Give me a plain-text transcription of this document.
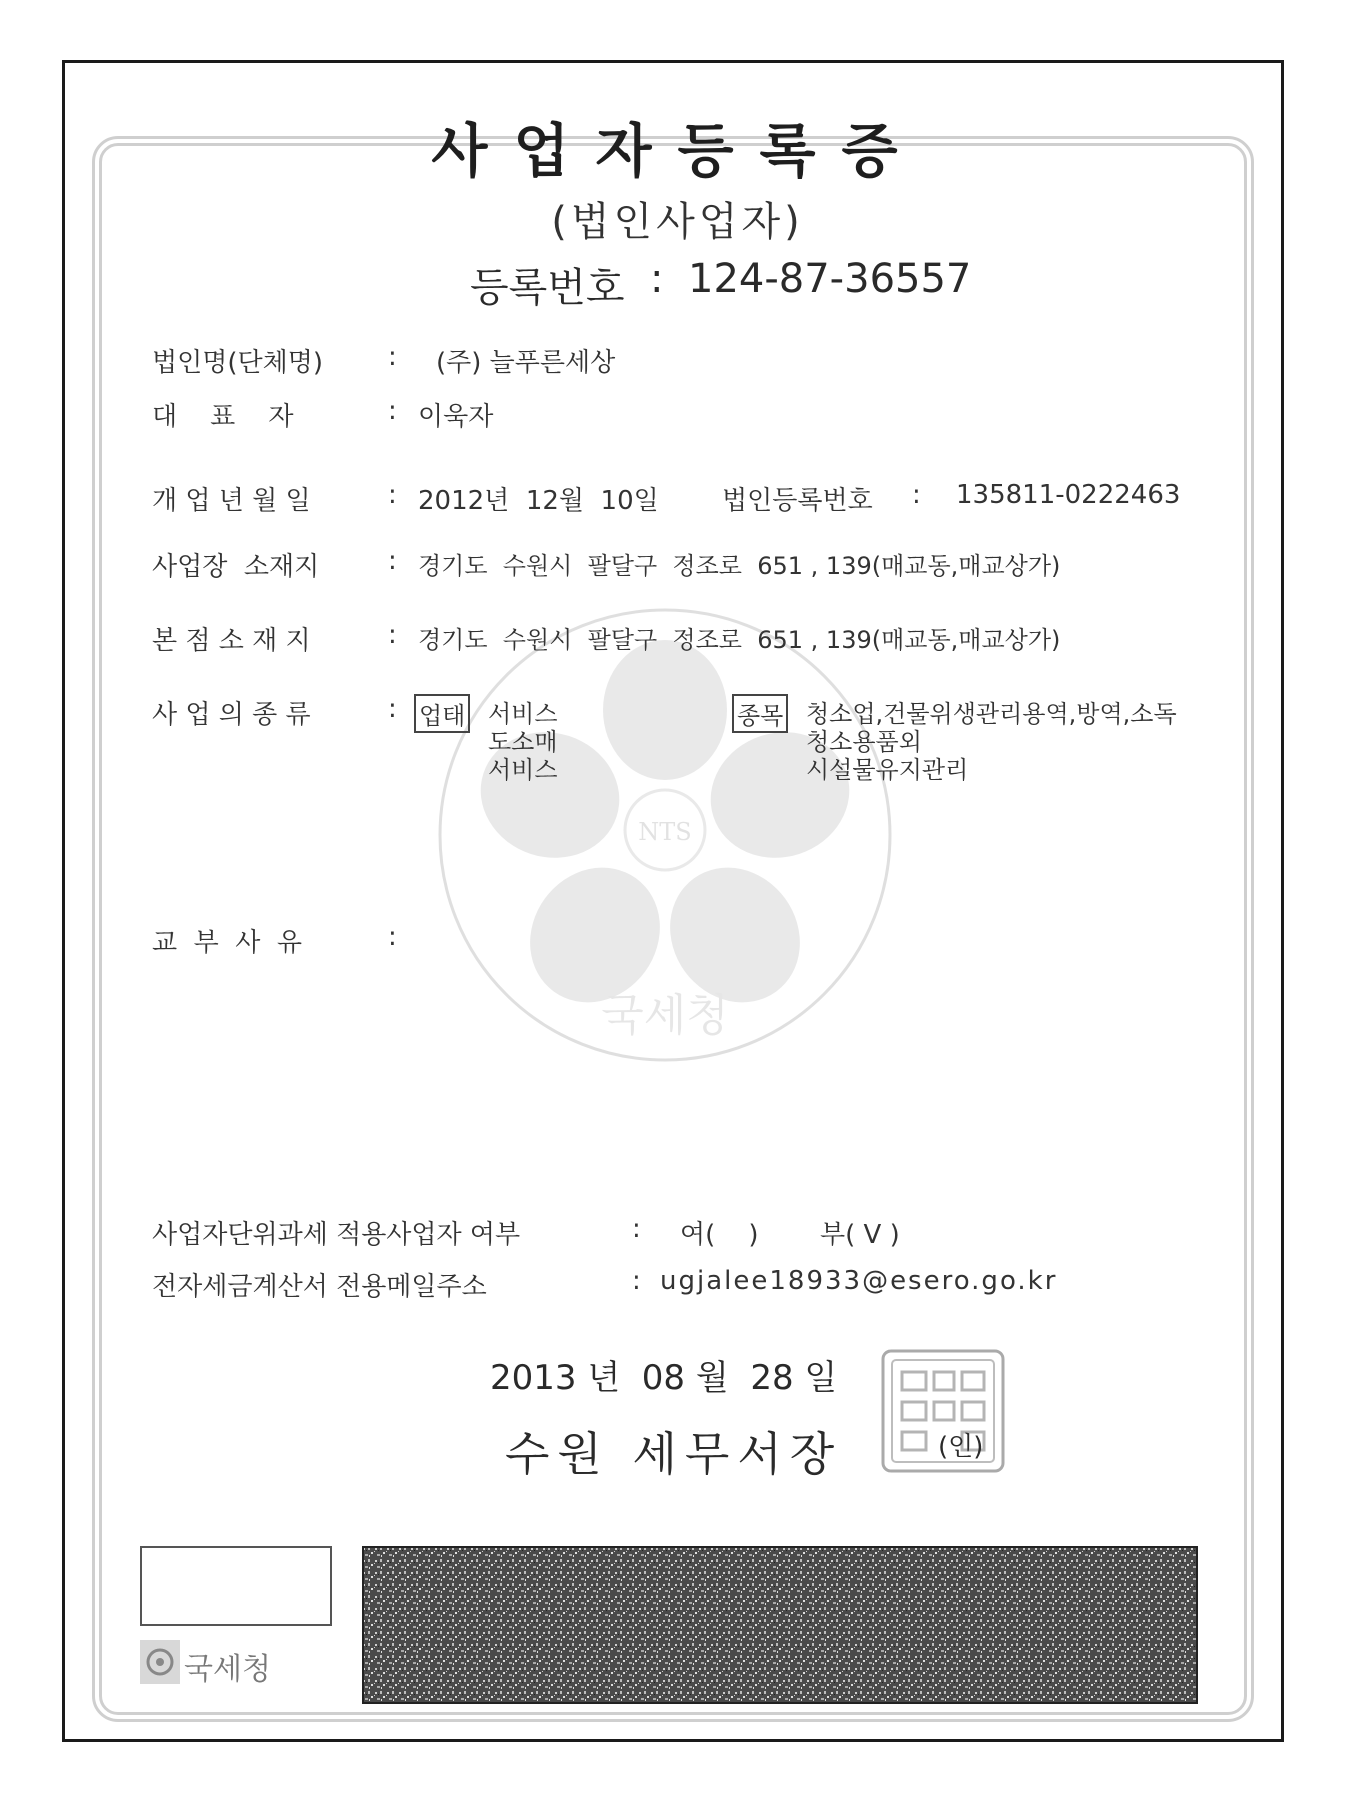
NTS
국세청
사업자등록증
(법인사업자)
등록번호 : 124-87-36557
법인명(단체명)	: (주) 늘푸른세상
대    표    자	: 이욱자
개 업 년 월 일	: 2012년  12월  10일 법인등록번호 : 135811-0222463
사업장  소재지	: 경기도  수원시  팔달구  정조로  651 , 139(매교동,매교상가)
본 점 소 재 지	: 경기도  수원시  팔달구  정조로  651 , 139(매교동,매교상가)
사 업 의 종 류	: 업태 서비스
도소매
서비스
종목 청소업,건물위생관리용역,방역,소독
청소용품외
시설물유지관리
교  부  사  유	:
사업자단위과세 적용사업자 여부	: 여(    ) 부( V )
전자세금계산서 전용메일주소	: ugjalee18933@esero.go.kr
2013 년  08 월  28 일
수원 세무서장	(인)
국세청
